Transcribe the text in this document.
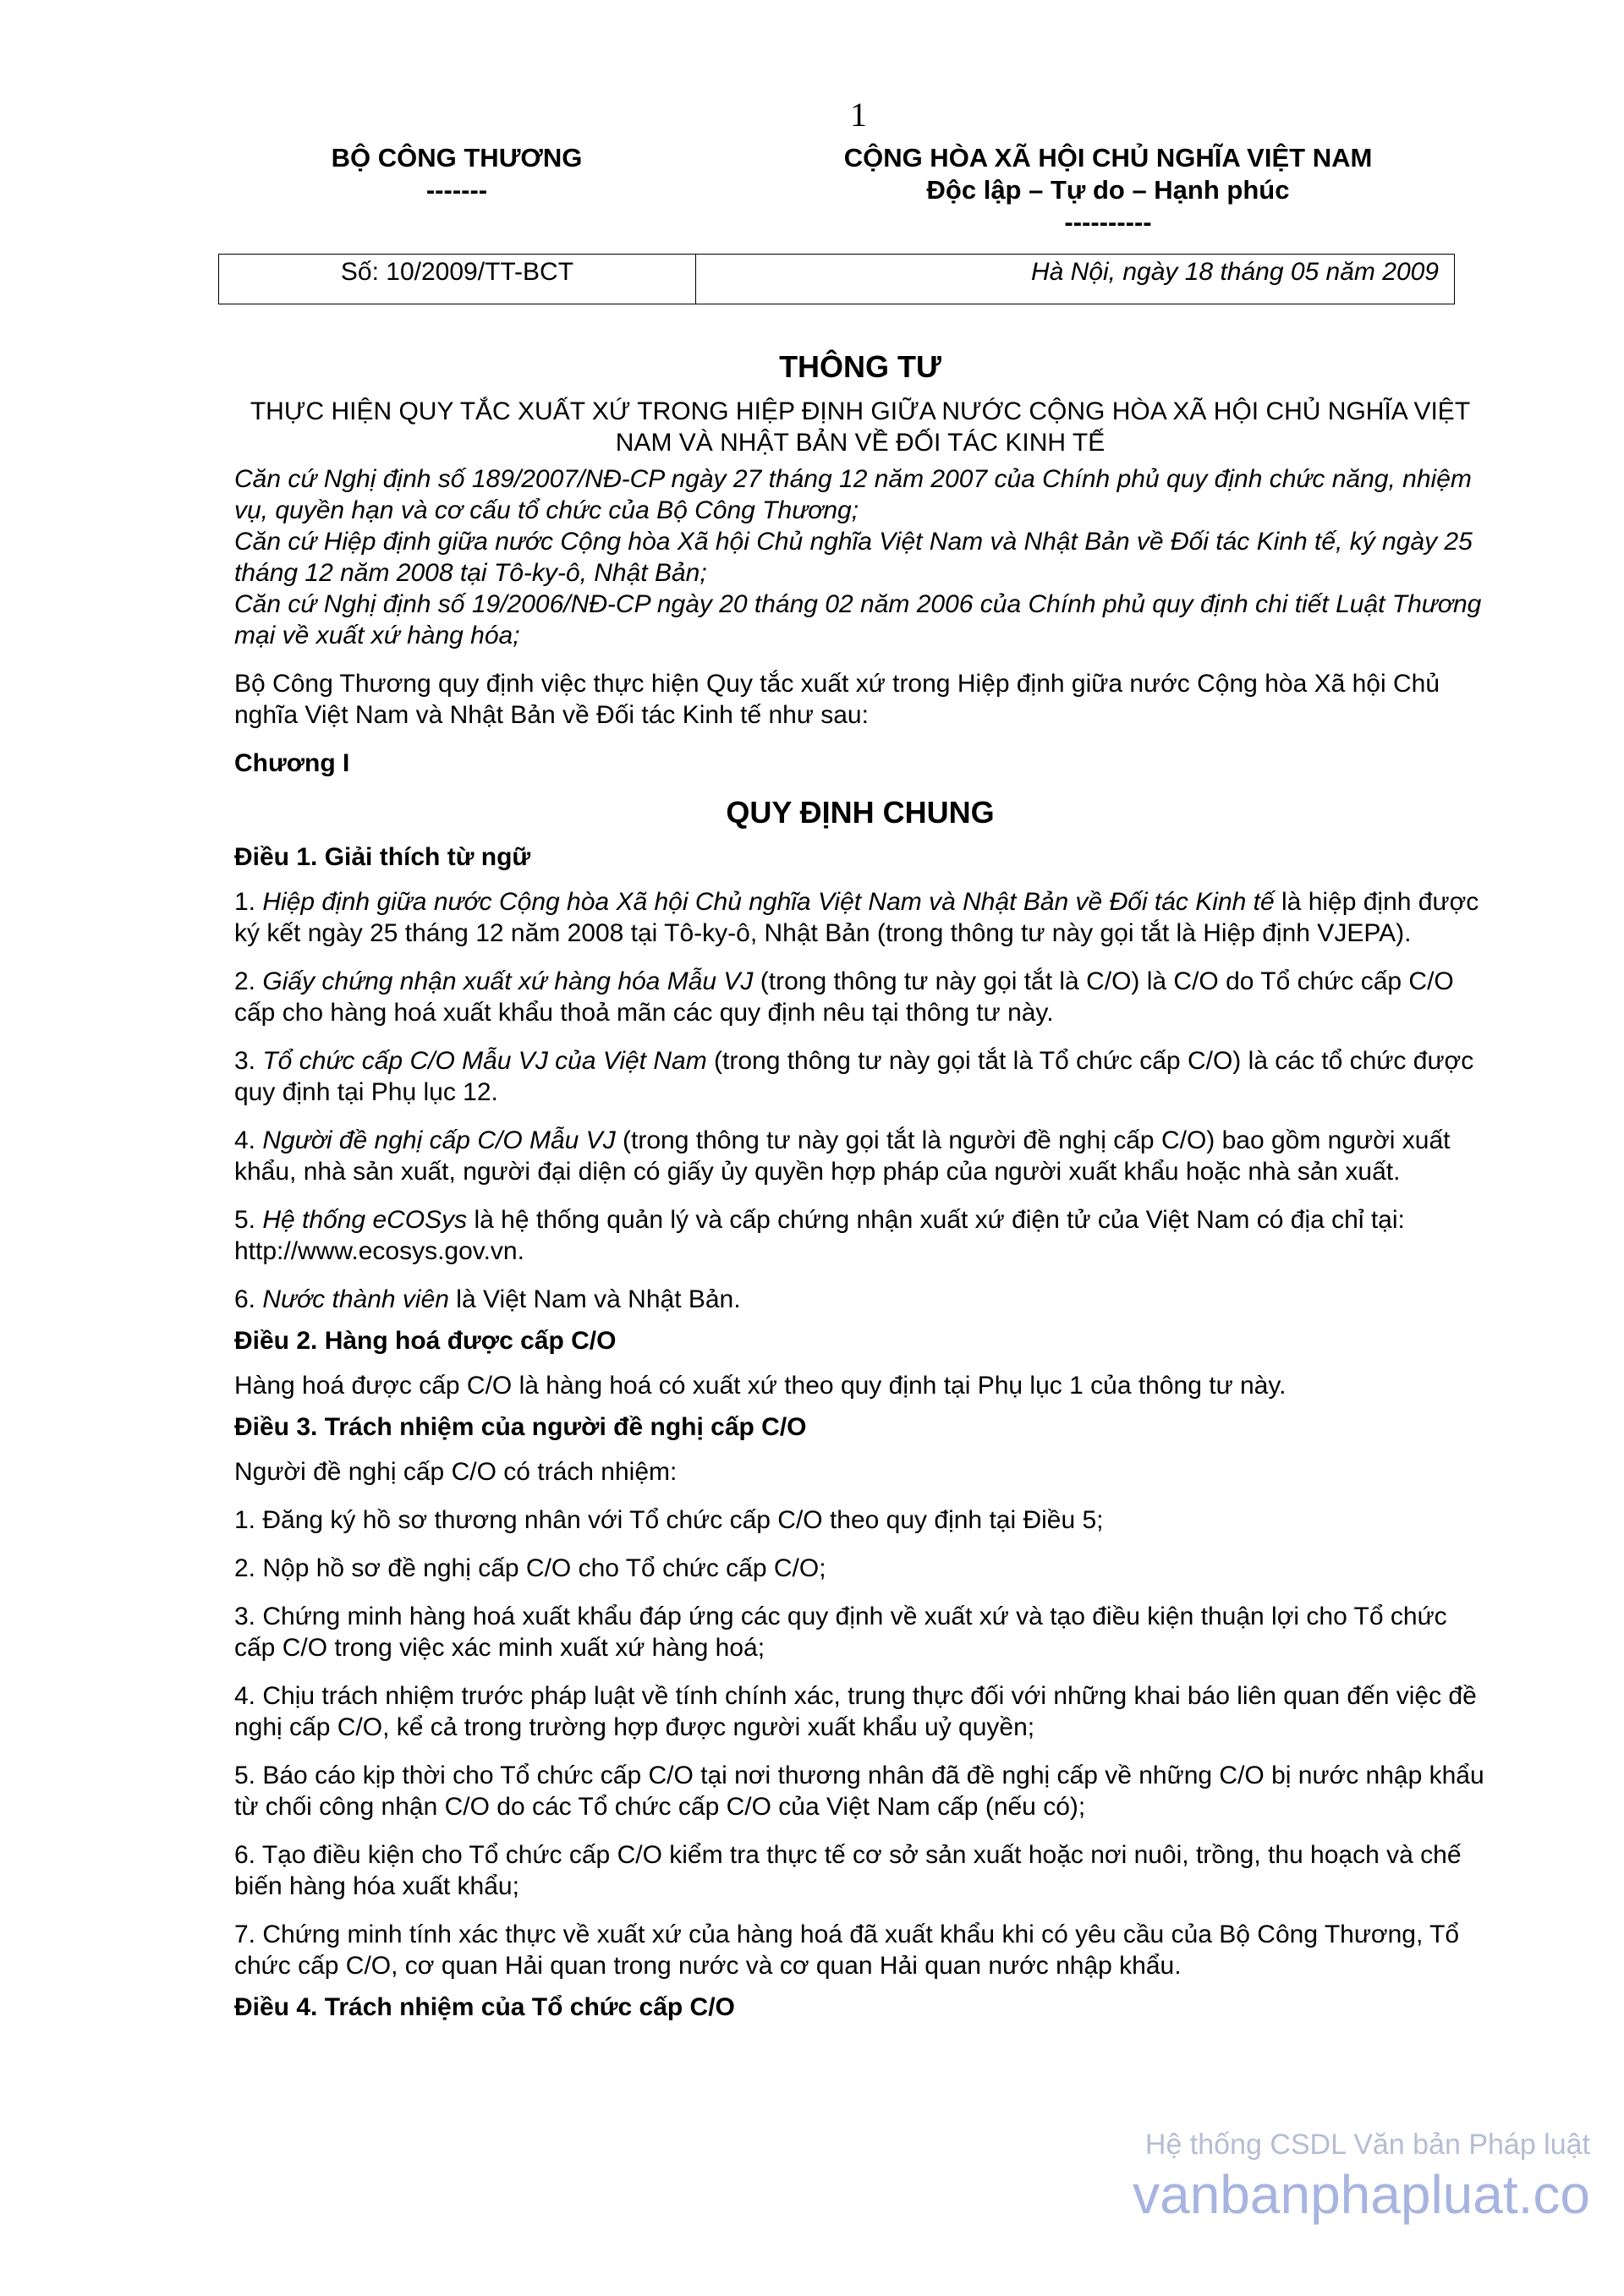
1
BỘ CÔNG THƯƠNG
-------
CỘNG HÒA XÃ HỘI CHỦ NGHĨA VIỆT NAM
Độc lập – Tự do – Hạnh phúc
----------
Số: 10/2009/TT-BCT	Hà Nội, ngày 18 tháng 05 năm 2009
THÔNG TƯ
THỰC HIỆN QUY TẮC XUẤT XỨ TRONG HIỆP ĐỊNH GIỮA NƯỚC CỘNG HÒA XÃ HỘI CHỦ NGHĨA VIỆT NAM VÀ NHẬT BẢN VỀ ĐỐI TÁC KINH TẾ

Căn cứ Nghị định số 189/2007/NĐ-CP ngày 27 tháng 12 năm 2007 của Chính phủ quy định chức năng, nhiệm vụ, quyền hạn và cơ cấu tổ chức của Bộ Công Thương;

Căn cứ Hiệp định giữa nước Cộng hòa Xã hội Chủ nghĩa Việt Nam và Nhật Bản về Đối tác Kinh tế, ký ngày 25 tháng 12 năm 2008 tại Tô-ky-ô, Nhật Bản;

Căn cứ Nghị định số 19/2006/NĐ-CP ngày 20 tháng 02 năm 2006 của Chính phủ quy định chi tiết Luật Thương mại về xuất xứ hàng hóa;

Bộ Công Thương quy định việc thực hiện Quy tắc xuất xứ trong Hiệp định giữa nước Cộng hòa Xã hội Chủ nghĩa Việt Nam và Nhật Bản về Đối tác Kinh tế như sau:

Chương I

QUY ĐỊNH CHUNG

Điều 1. Giải thích từ ngữ

1. Hiệp định giữa nước Cộng hòa Xã hội Chủ nghĩa Việt Nam và Nhật Bản về Đối tác Kinh tế là hiệp định được ký kết ngày 25 tháng 12 năm 2008 tại Tô-ky-ô, Nhật Bản (trong thông tư này gọi tắt là Hiệp định VJEPA).

2. Giấy chứng nhận xuất xứ hàng hóa Mẫu VJ (trong thông tư này gọi tắt là C/O) là C/O do Tổ chức cấp C/O cấp cho hàng hoá xuất khẩu thoả mãn các quy định nêu tại thông tư này.

3. Tổ chức cấp C/O Mẫu VJ của Việt Nam (trong thông tư này gọi tắt là Tổ chức cấp C/O) là các tổ chức được quy định tại Phụ lục 12.

4. Người đề nghị cấp C/O Mẫu VJ (trong thông tư này gọi tắt là người đề nghị cấp C/O) bao gồm người xuất khẩu, nhà sản xuất, người đại diện có giấy ủy quyền hợp pháp của người xuất khẩu hoặc nhà sản xuất.

5. Hệ thống eCOSys là hệ thống quản lý và cấp chứng nhận xuất xứ điện tử của Việt Nam có địa chỉ tại: http://www.ecosys.gov.vn.

6. Nước thành viên là Việt Nam và Nhật Bản.

Điều 2. Hàng hoá được cấp C/O

Hàng hoá được cấp C/O là hàng hoá có xuất xứ theo quy định tại Phụ lục 1 của thông tư này.

Điều 3. Trách nhiệm của người đề nghị cấp C/O

Người đề nghị cấp C/O có trách nhiệm:

1. Đăng ký hồ sơ thương nhân với Tổ chức cấp C/O theo quy định tại Điều 5;

2. Nộp hồ sơ đề nghị cấp C/O cho Tổ chức cấp C/O;

3. Chứng minh hàng hoá xuất khẩu đáp ứng các quy định về xuất xứ và tạo điều kiện thuận lợi cho Tổ chức cấp C/O trong việc xác minh xuất xứ hàng hoá;

4. Chịu trách nhiệm trước pháp luật về tính chính xác, trung thực đối với những khai báo liên quan đến việc đề nghị cấp C/O, kể cả trong trường hợp được người xuất khẩu uỷ quyền;

5. Báo cáo kịp thời cho Tổ chức cấp C/O tại nơi thương nhân đã đề nghị cấp về những C/O bị nước nhập khẩu từ chối công nhận C/O do các Tổ chức cấp C/O của Việt Nam cấp (nếu có);

6. Tạo điều kiện cho Tổ chức cấp C/O kiểm tra thực tế cơ sở sản xuất hoặc nơi nuôi, trồng, thu hoạch và chế biến hàng hóa xuất khẩu;

7. Chứng minh tính xác thực về xuất xứ của hàng hoá đã xuất khẩu khi có yêu cầu của Bộ Công Thương, Tổ chức cấp C/O, cơ quan Hải quan trong nước và cơ quan Hải quan nước nhập khẩu.

Điều 4. Trách nhiệm của Tổ chức cấp C/O

Hệ thống CSDL Văn bản Pháp luật
vanbanphapluat.co
